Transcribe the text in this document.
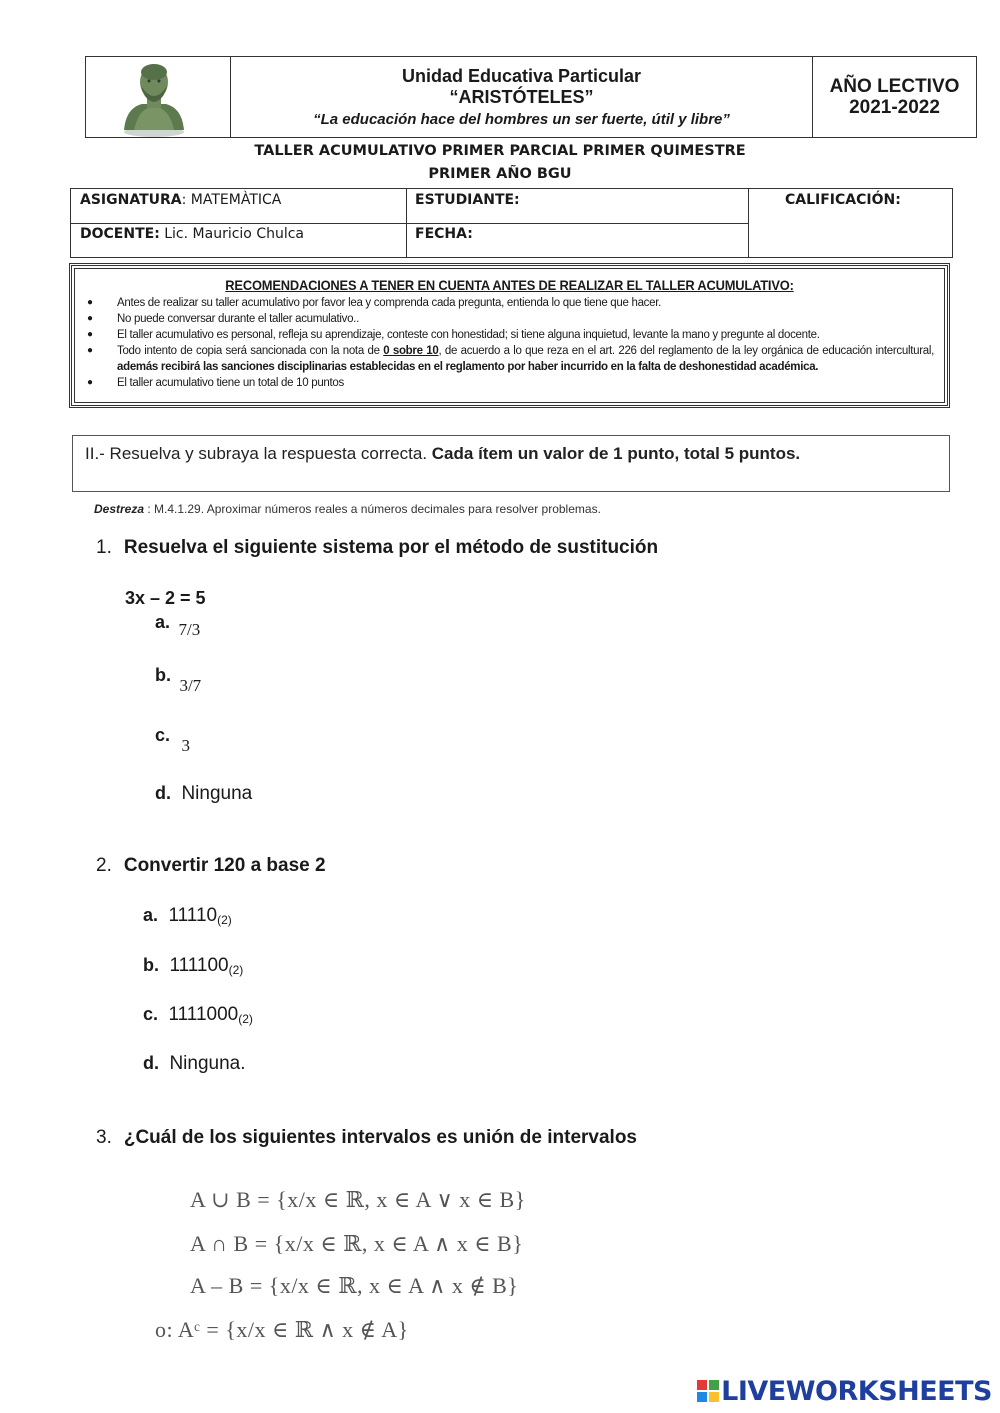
Unidad Educativa Particular
“ARISTÓTELES”
“La educación hace del hombres un ser fuerte, útil y libre”
AÑO LECTIVO
2021-2022
TALLER ACUMULATIVO PRIMER PARCIAL PRIMER QUIMESTRE
PRIMER AÑO BGU
ASIGNATURA: MATEMÀTICA	ESTUDIANTE:	CALIFICACIÓN:
DOCENTE: Lic. Mauricio Chulca	FECHA:
RECOMENDACIONES A TENER EN CUENTA ANTES DE REALIZAR EL TALLER ACUMULATIVO:
● Antes de realizar su taller acumulativo por favor lea y comprenda cada pregunta, entienda lo que tiene que hacer.
● No puede conversar durante el taller acumulativo..
● El taller acumulativo es personal, refleja su aprendizaje, conteste con honestidad; si tiene alguna inquietud, levante la mano y pregunte al docente.
● Todo intento de copia será sancionada con la nota de 0 sobre 10, de acuerdo a lo que reza en el art. 226 del reglamento de la ley orgánica de educación intercultural, además recibirá las sanciones disciplinarias establecidas en el reglamento por haber incurrido en la falta de deshonestidad académica.
● El taller acumulativo tiene un total de 10 puntos
II.- Resuelva y subraya la respuesta correcta. Cada ítem un valor de 1 punto, total 5 puntos.
Destreza : M.4.1.29. Aproximar números reales a números decimales para resolver problemas.
1. Resuelva el siguiente sistema por el método de sustitución
3x – 2 = 5
a. 7/3
b. 3/7
c. 3
d. Ninguna
2. Convertir 120 a base 2
a. 11110(2)
b. 111100(2)
c. 1111000(2)
d. Ninguna.
3. ¿Cuál de los siguientes intervalos es unión de intervalos
A ∪ B = {x/x ∈ ℝ, x ∈ A ∨ x ∈ B}
A ∩ B = {x/x ∈ ℝ, x ∈ A ∧ x ∈ B}
A – B = {x/x ∈ ℝ, x ∈ A ∧ x ∉ B}
o: Aᶜ = {x/x ∈ ℝ ∧ x ∉ A}
LIVEWORKSHEETS
